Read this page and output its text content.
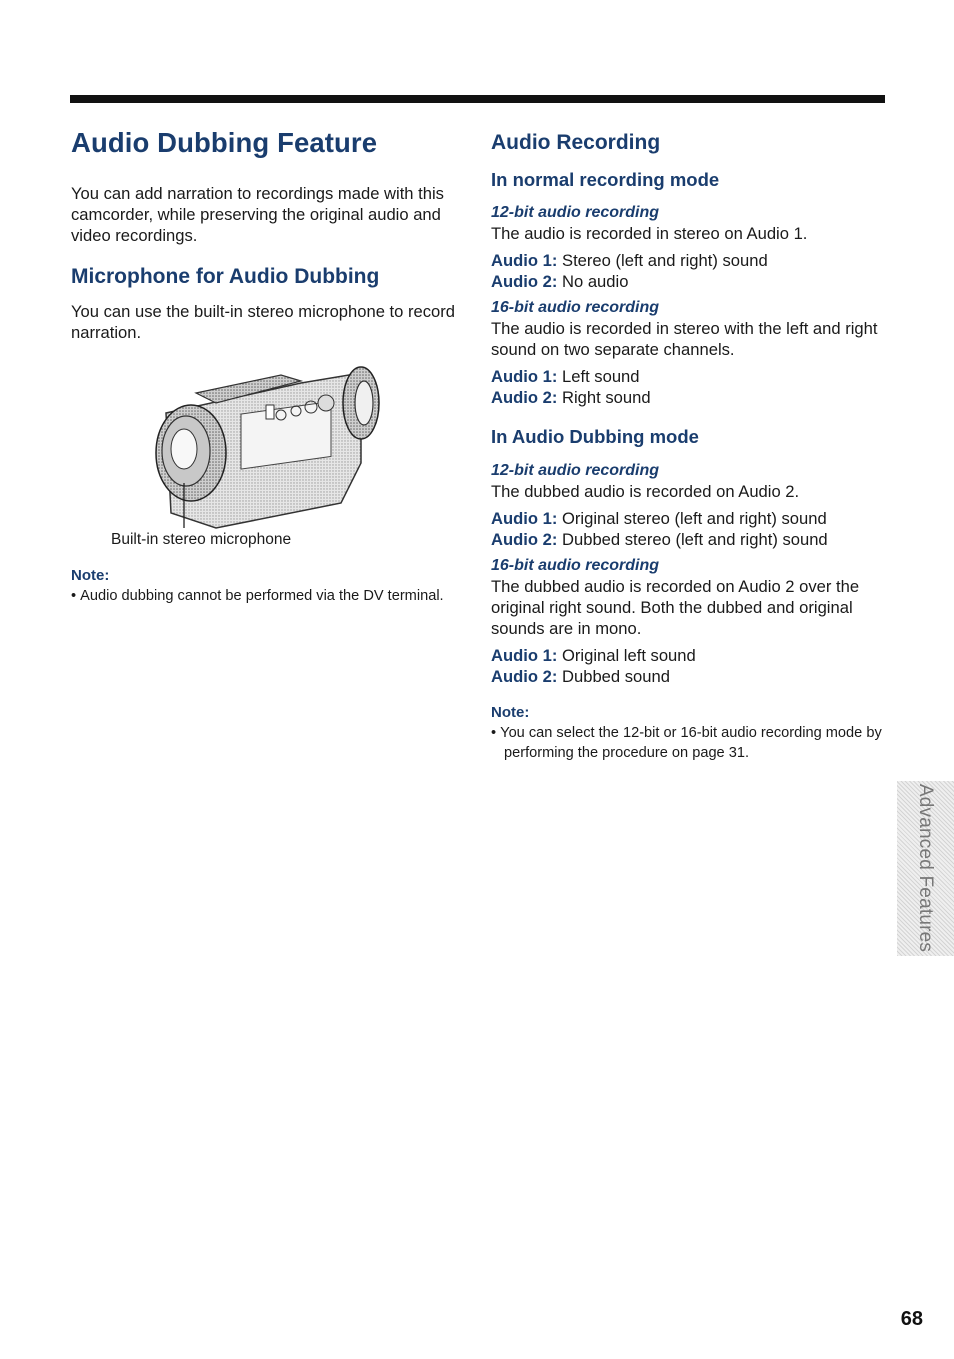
Audio Dubbing Feature

You can add narration to recordings made with this camcorder, while preserving the original audio and video recordings.

Microphone for Audio Dubbing

You can use the built-in stereo microphone to record narration.

Built-in stereo microphone

Note:

• Audio dubbing cannot be performed via the DV terminal.

Audio Recording
In normal recording mode

12-bit audio recording

The audio is recorded in stereo on Audio 1.

Audio 1: Stereo (left and right) sound

Audio 2: No audio

16-bit audio recording

The audio is recorded in stereo with the left and right sound on two separate channels.

Audio 1: Left sound

Audio 2: Right sound

In Audio Dubbing mode

12-bit audio recording

The dubbed audio is recorded on Audio 2.

Audio 1: Original stereo (left and right) sound

Audio 2: Dubbed stereo (left and right) sound

16-bit audio recording

The dubbed audio is recorded on Audio 2 over the original right sound. Both the dubbed and original sounds are in mono.

Audio 1: Original left sound

Audio 2: Dubbed sound

Note:

• You can select the 12-bit or 16-bit audio recording mode by performing the procedure on page 31.

Advanced Features
68
